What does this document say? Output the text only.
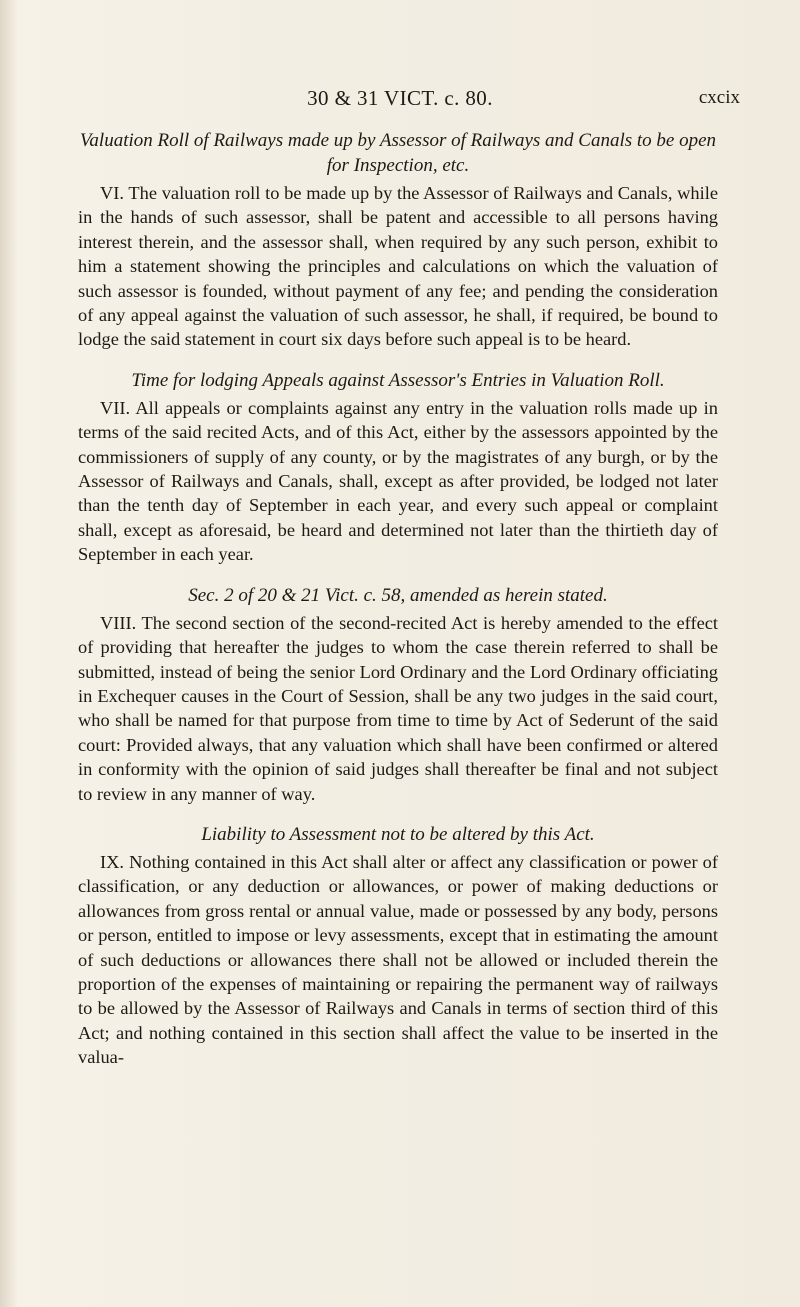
30 & 31 VICT. c. 80.	cxcix

Valuation Roll of Railways made up by Assessor of Railways and Canals to be open for Inspection, etc.

VI. The valuation roll to be made up by the Assessor of Railways and Canals, while in the hands of such assessor, shall be patent and accessible to all persons having interest therein, and the assessor shall, when required by any such person, exhibit to him a statement showing the principles and calculations on which the valuation of such assessor is founded, without payment of any fee; and pending the consideration of any appeal against the valuation of such assessor, he shall, if required, be bound to lodge the said statement in court six days before such appeal is to be heard.

Time for lodging Appeals against Assessor's Entries in Valuation Roll.

VII. All appeals or complaints against any entry in the valuation rolls made up in terms of the said recited Acts, and of this Act, either by the assessors appointed by the commissioners of supply of any county, or by the magistrates of any burgh, or by the Assessor of Railways and Canals, shall, except as after provided, be lodged not later than the tenth day of September in each year, and every such appeal or complaint shall, except as aforesaid, be heard and determined not later than the thirtieth day of September in each year.

Sec. 2 of 20 & 21 Vict. c. 58, amended as herein stated.

VIII. The second section of the second-recited Act is hereby amended to the effect of providing that hereafter the judges to whom the case therein referred to shall be submitted, instead of being the senior Lord Ordinary and the Lord Ordinary officiating in Exchequer causes in the Court of Session, shall be any two judges in the said court, who shall be named for that purpose from time to time by Act of Sederunt of the said court: Provided always, that any valuation which shall have been confirmed or altered in conformity with the opinion of said judges shall thereafter be final and not subject to review in any manner of way.

Liability to Assessment not to be altered by this Act.

IX. Nothing contained in this Act shall alter or affect any classification or power of classification, or any deduction or allowances, or power of making deductions or allowances from gross rental or annual value, made or possessed by any body, persons or person, entitled to impose or levy assessments, except that in estimating the amount of such deductions or allowances there shall not be allowed or included therein the proportion of the expenses of maintaining or repairing the permanent way of railways to be allowed by the Assessor of Railways and Canals in terms of section third of this Act; and nothing contained in this section shall affect the value to be inserted in the valua-
